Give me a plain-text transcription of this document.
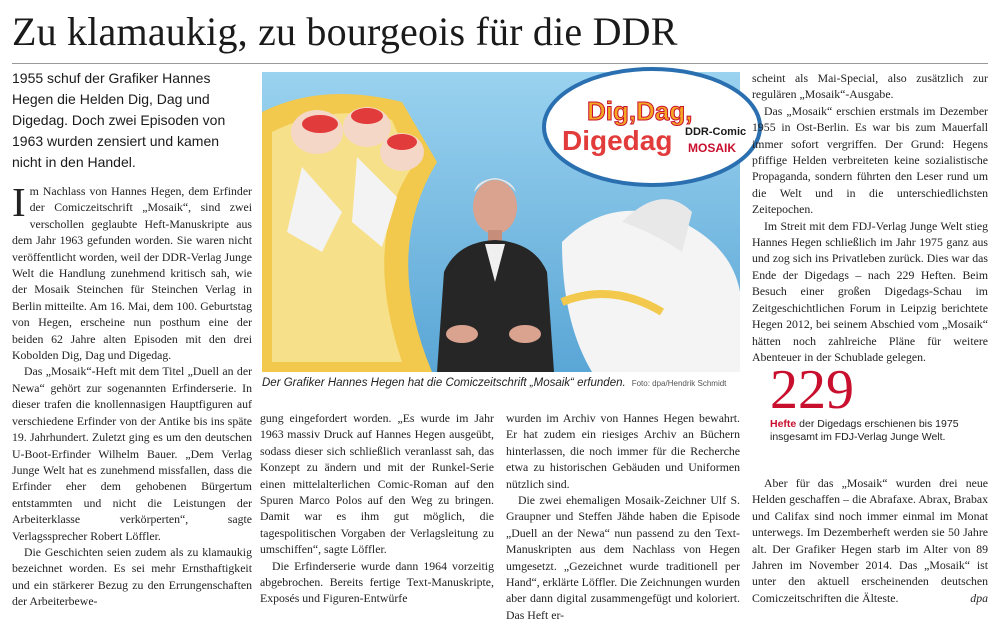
Zu klamaukig, zu bourgeois für die DDR
1955 schuf der Grafiker Hannes Hegen die Helden Dig, Dag und Digedag. Doch zwei Episoden von 1963 wurden zensiert und kamen nicht in den Handel.

Im Nachlass von Hannes Hegen, dem Erfinder der Comiczeitschrift „Mosaik“, sind zwei verschollen geglaubte Heft-Manuskripte aus dem Jahr 1963 gefunden worden. Sie waren nicht veröffentlicht worden, weil der DDR-Verlag Junge Welt die Handlung zunehmend kritisch sah, wie der Mosaik Steinchen für Steinchen Verlag in Berlin mitteilte. Am 16. Mai, dem 100. Geburtstag von Hegen, erscheine nun posthum eine der beiden 62 Jahre alten Episoden mit den drei Kobolden Dig, Dag und Digedag.

Das „Mosaik“-Heft mit dem Titel „Duell an der Newa“ gehört zur sogenannten Erfinderserie. In dieser trafen die knollennasigen Hauptfiguren auf verschiedene Erfinder von der Antike bis ins späte 19. Jahrhundert. Zuletzt ging es um den deutschen U-Boot-Erfinder Wilhelm Bauer. „Dem Verlag Junge Welt hat es zunehmend missfallen, dass die Erfinder eher dem gehobenen Bürgertum entstammten und nicht die Leistungen der Arbeiterklasse verkörperten“, sagte Verlagssprecher Robert Löffler.

Die Geschichten seien zudem als zu klamaukig bezeichnet worden. Es sei mehr Ernsthaftigkeit und ein stärkerer Bezug zu den Errungenschaften der Arbeiterbewe-

Dig,Dag,
Digedag DDR-Comic
MOSAIK
Der Grafiker Hannes Hegen hat die Comiczeitschrift „Mosaik“ erfunden. Foto: dpa/Hendrik Schmidt

gung eingefordert worden. „Es wurde im Jahr 1963 massiv Druck auf Hannes Hegen ausgeübt, sodass dieser sich schließlich veranlasst sah, das Konzept zu ändern und mit der Runkel-Serie einen mittelalterlichen Comic-Roman auf den Spuren Marco Polos auf den Weg zu bringen. Damit war es ihm gut möglich, die tagespolitischen Vorgaben der Verlagsleitung zu umschiffen“, sagte Löffler.

Die Erfinderserie wurde dann 1964 vorzeitig abgebrochen. Bereits fertige Text-Manuskripte, Exposés und Figuren-Entwürfe

wurden im Archiv von Hannes Hegen bewahrt. Er hat zudem ein riesiges Archiv an Büchern hinterlassen, die noch immer für die Recherche etwa zu historischen Gebäuden und Uniformen nützlich sind.

Die zwei ehemaligen Mosaik-Zeichner Ulf S. Graupner und Steffen Jähde haben die Episode „Duell an der Newa“ nun passend zu den Text-Manuskripten aus dem Nachlass von Hegen umgesetzt. „Gezeichnet wurde traditionell per Hand“, erklärte Löffler. Die Zeichnungen wurden aber dann digital zusammengefügt und koloriert. Das Heft er-

scheint als Mai-Special, also zusätzlich zur regulären „Mosaik“-Ausgabe.

Das „Mosaik“ erschien erstmals im Dezember 1955 in Ost-Berlin. Es war bis zum Mauerfall immer sofort vergriffen. Der Grund: Hegens pfiffige Helden verbreiteten keine sozialistische Propaganda, sondern führten den Leser rund um die Welt und in die unterschiedlichsten Zeitepochen.

Im Streit mit dem FDJ-Verlag Junge Welt stieg Hannes Hegen schließlich im Jahr 1975 ganz aus und zog sich ins Privatleben zurück. Dies war das Ende der Digedags – nach 229 Heften. Beim Besuch einer großen Digedags-Schau im Zeitgeschichtlichen Forum in Leipzig berichtete Hegen 2012, bei seinem Abschied vom „Mosaik“ hätten noch zahlreiche Pläne für weitere Abenteuer in der Schublade gelegen.

229
Hefte der Digedags erschienen bis 1975 insgesamt im FDJ-Verlag Junge Welt.

Aber für das „Mosaik“ wurden drei neue Helden geschaffen – die Abrafaxe. Abrax, Brabax und Califax sind noch immer einmal im Monat unterwegs. Im Dezemberheft werden sie 50 Jahre alt. Der Grafiker Hegen starb im Alter von 89 Jahren im November 2014. Das „Mosaik“ ist unter den aktuell erscheinenden deutschen Comiczeitschriften die Älteste.	dpa
